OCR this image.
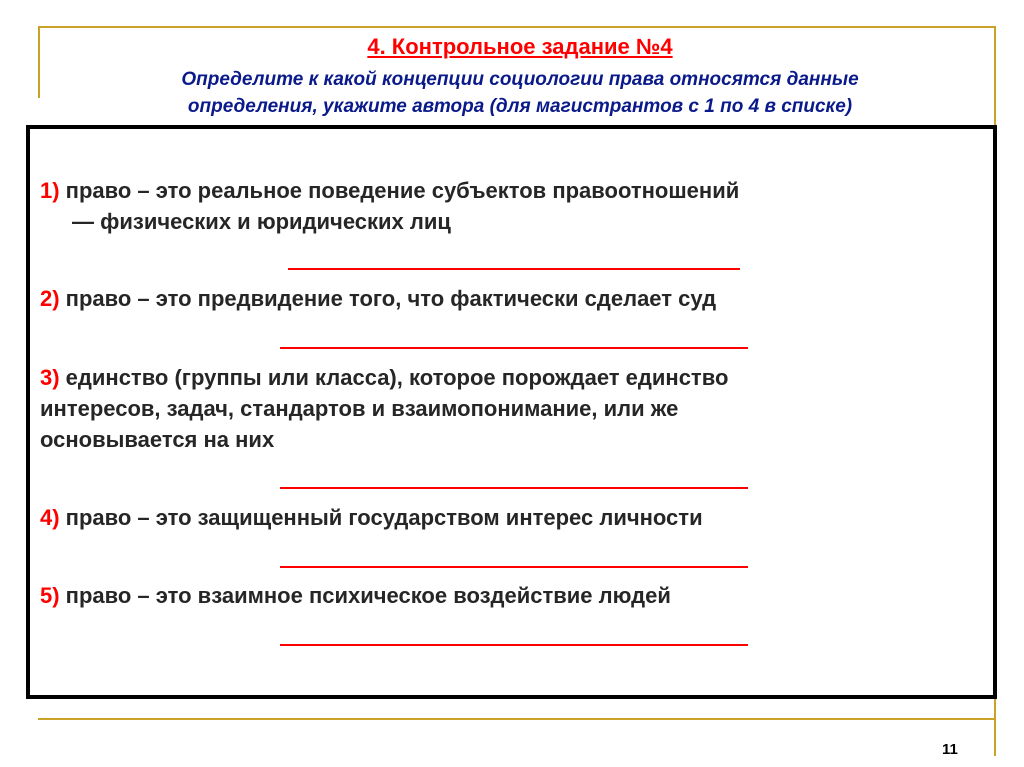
4. Контрольное задание №4
Определите к какой концепции социологии права относятся данные
определения, укажите автора (для магистрантов с 1 по 4 в списке)
1) право – это реальное поведение субъектов правоотношений
— физических и юридических лиц
2) право – это предвидение того, что фактически сделает суд
3) единство (группы или класса), которое порождает единство
интересов, задач, стандартов и взаимопонимание, или же
основывается на них
4) право – это защищенный государством интерес личности
5) право – это взаимное психическое воздействие людей
11
